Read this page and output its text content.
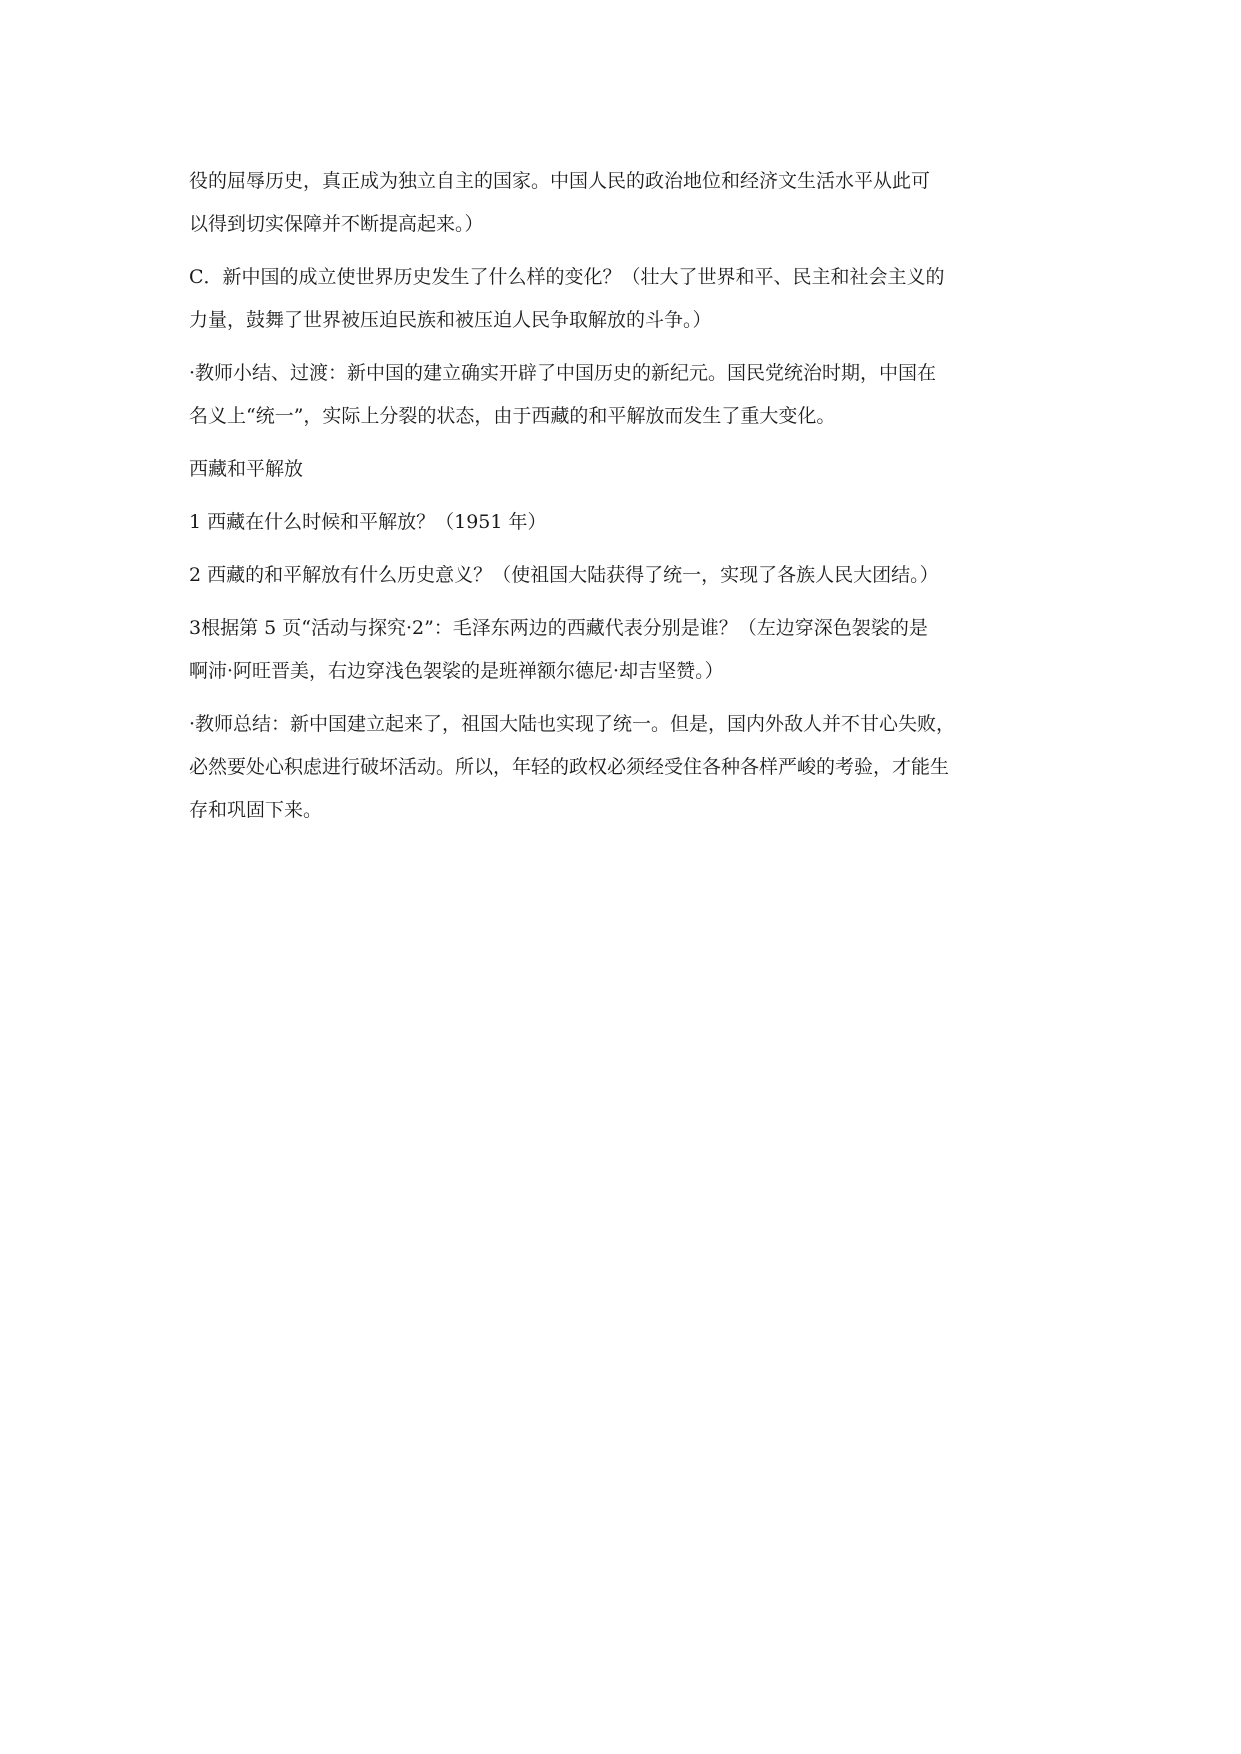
役的屈辱历史，真正成为独立自主的国家。中国人民的政治地位和经济文生活水平从此可
以得到切实保障并不断提高起来。）

C．新中国的成立使世界历史发生了什么样的变化？（壮大了世界和平、民主和社会主义的
力量，鼓舞了世界被压迫民族和被压迫人民争取解放的斗争。）

·教师小结、过渡：新中国的建立确实开辟了中国历史的新纪元。国民党统治时期，中国在
名义上“统一”，实际上分裂的状态，由于西藏的和平解放而发生了重大变化。

西藏和平解放

1 西藏在什么时候和平解放？（1951 年）

2 西藏的和平解放有什么历史意义？（使祖国大陆获得了统一，实现了各族人民大团结。）

3根据第 5 页“活动与探究·2”：毛泽东两边的西藏代表分别是谁？（左边穿深色袈裟的是
啊沛·阿旺晋美，右边穿浅色袈裟的是班禅额尔德尼·却吉坚赞。）

·教师总结：新中国建立起来了，祖国大陆也实现了统一。但是，国内外敌人并不甘心失败，
必然要处心积虑进行破坏活动。所以，年轻的政权必须经受住各种各样严峻的考验，才能生
存和巩固下来。
